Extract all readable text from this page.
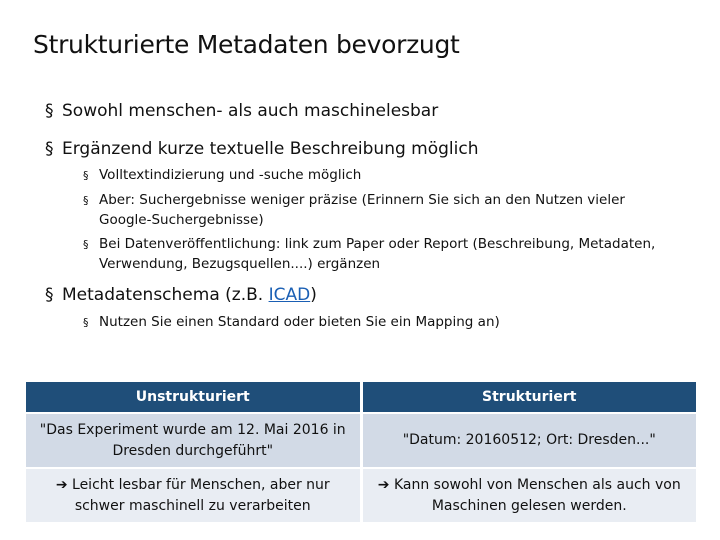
Strukturierte Metadaten bevorzugt
§ Sowohl menschen- als auch maschinelesbar
§ Ergänzend kurze textuelle Beschreibung möglich
§ Volltextindizierung und -suche möglich
§ Aber: Suchergebnisse weniger präzise (Erinnern Sie sich an den Nutzen vieler Google-Suchergebnisse)
§ Bei Datenveröffentlichung: link zum Paper oder Report (Beschreibung, Metadaten, Verwendung, Bezugsquellen....) ergänzen
§ Metadatenschema (z.B. ICAD)
§ Nutzen Sie einen Standard oder bieten Sie ein Mapping an)
Unstrukturiert	Strukturiert
"Das Experiment wurde am 12. Mai 2016 in Dresden durchgeführt"	"Datum: 20160512; Ort: Dresden..."
➔ Leicht lesbar für Menschen, aber nur schwer maschinell zu verarbeiten	➔ Kann sowohl von Menschen als auch von Maschinen gelesen werden.
